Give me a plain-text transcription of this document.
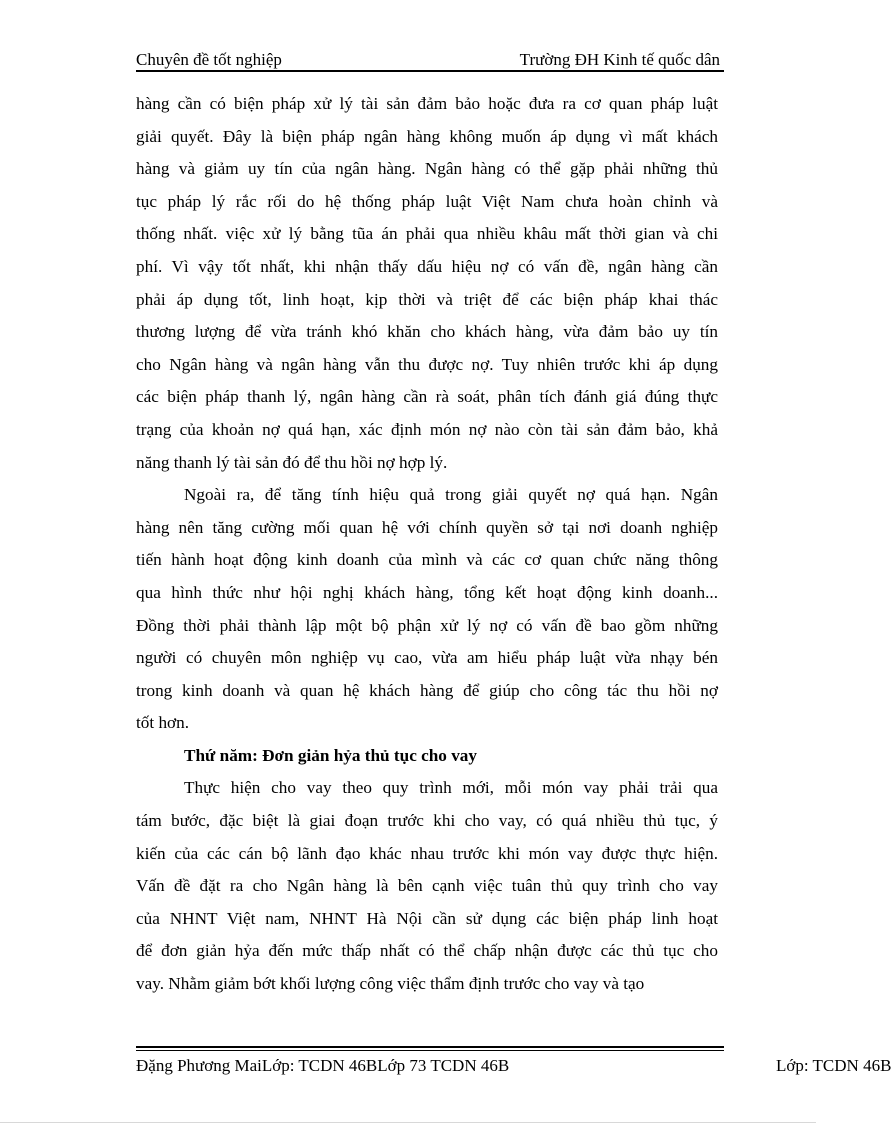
Chuyên đề tốt nghiệp	Trường ĐH Kinh tế quốc dân
hàng cần có biện pháp xử lý tài sản đảm bảo hoặc đưa ra cơ quan pháp luật
giải quyết. Đây là biện pháp ngân hàng không muốn áp dụng vì mất khách
hàng và giảm uy tín của ngân hàng. Ngân hàng có thể gặp phải những thủ
tục pháp lý rắc rối do hệ thống pháp luật Việt Nam chưa hoàn chỉnh và
thống nhất. việc xử lý bằng tũa án phải qua nhiều khâu mất thời gian và chi
phí. Vì vậy tốt nhất, khi nhận thấy dấu hiệu nợ có vấn đề, ngân hàng cần
phải áp dụng tốt, linh hoạt, kịp thời và triệt để các biện pháp khai thác
thương lượng để vừa tránh khó khăn cho khách hàng, vừa đảm bảo uy tín
cho Ngân hàng và ngân hàng vẫn thu được nợ. Tuy nhiên trước khi áp dụng
các biện pháp thanh lý, ngân hàng cần rà soát, phân tích đánh giá đúng thực
trạng của khoản nợ quá hạn, xác định món nợ nào còn tài sản đảm bảo, khả
năng thanh lý tài sản đó để thu hồi nợ hợp lý.
Ngoài ra, để tăng tính hiệu quả trong giải quyết nợ quá hạn. Ngân
hàng nên tăng cường mối quan hệ với chính quyền sở tại nơi doanh nghiệp
tiến hành hoạt động kinh doanh của mình và các cơ quan chức năng thông
qua hình thức như hội nghị khách hàng, tổng kết hoạt động kinh doanh...
Đồng thời phải thành lập một bộ phận xử lý nợ có vấn đề bao gồm những
người có chuyên môn nghiệp vụ cao, vừa am hiểu pháp luật vừa nhạy bén
trong kinh doanh và quan hệ khách hàng để giúp cho công tác thu hồi nợ
tốt hơn.
Thứ năm: Đơn giản hỷa thủ tục cho vay
Thực hiện cho vay theo quy trình mới, mỗi món vay phải trải qua
tám bước, đặc biệt là giai đoạn trước khi cho vay, có quá nhiều thủ tục, ý
kiến của các cán bộ lãnh đạo khác nhau trước khi món vay được thực hiện.
Vấn đề đặt ra cho Ngân hàng là bên cạnh việc tuân thủ quy trình cho vay
của NHNT Việt nam, NHNT Hà Nội cần sử dụng các biện pháp linh hoạt
để đơn giản hỷa đến mức thấp nhất có thể chấp nhận được các thủ tục cho
vay. Nhằm giảm bớt khối lượng công việc thẩm định trước cho vay và tạo
Đặng Phương MaiLớp: TCDN 46BLớp 73 TCDN 46B	Lớp: TCDN 46B
